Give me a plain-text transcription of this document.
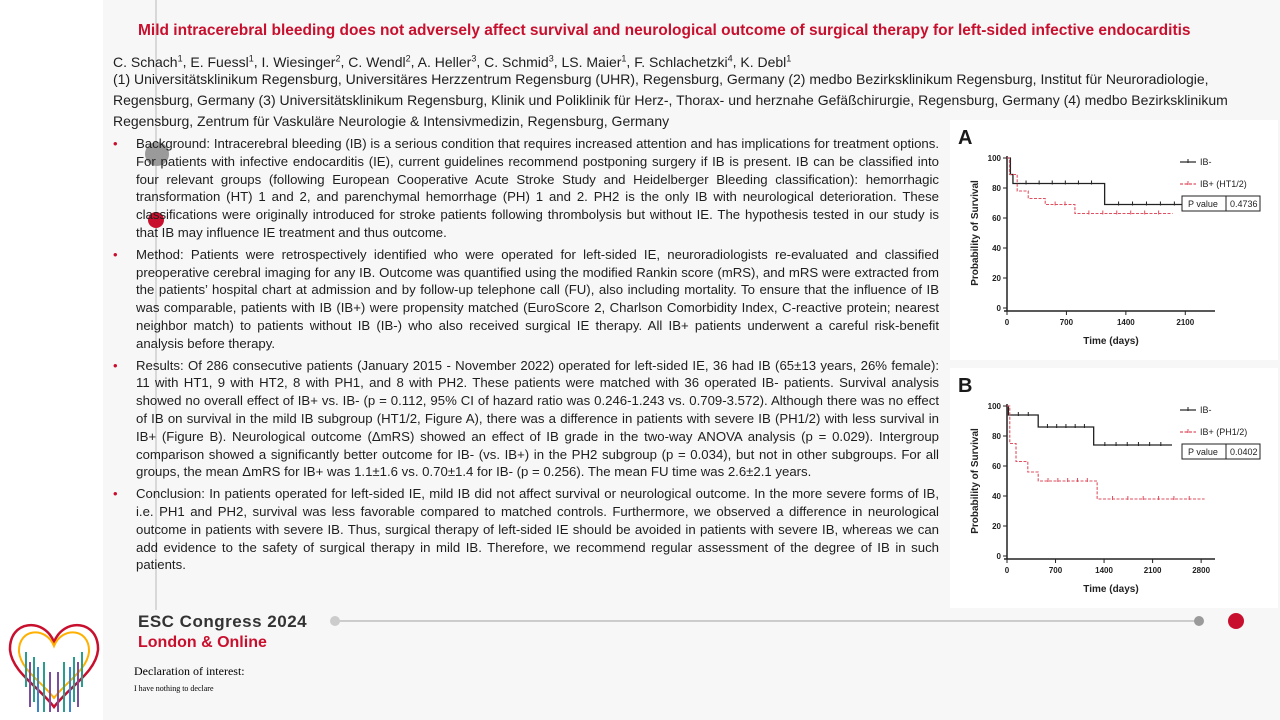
Mild intracerebral bleeding does not adversely affect survival and neurological outcome of surgical therapy for left-sided infective endocarditis
C. Schach$^1$, E. Fuessl$^1$, I. Wiesinger$^2$, C. Wendl$^2$, A. Heller$^3$, C. Schmid$^3$, LS. Maier$^1$, F. Schlachetzki$^4$, K. Debl$^1$
(1) Universitätsklinikum Regensburg, Universitäres Herzzentrum Regensburg (UHR), Regensburg, Germany (2) medbo Bezirksklinikum Regensburg, Institut für Neuroradiologie, Regensburg, Germany (3) Universitätsklinikum Regensburg, Klinik und Poliklinik für Herz-, Thorax- und herznahe Gefäßchirurgie, Regensburg, Germany (4) medbo Bezirksklinikum Regensburg, Zentrum für Vaskuläre Neurologie & Intensivmedizin, Regensburg, Germany
• Background: Intracerebral bleeding (IB) is a serious condition that requires increased attention and has implications for treatment options. For patients with infective endocarditis (IE), current guidelines recommend postponing surgery if IB is present. IB can be classified into four relevant groups (following European Cooperative Acute Stroke Study and Heidelberger Bleeding classification): hemorrhagic transformation (HT) 1 and 2, and parenchymal hemorrhage (PH) 1 and 2. PH2 is the only IB with neurological deterioration. These classifications were originally introduced for stroke patients following thrombolysis but without IE. The hypothesis tested in our study is that IB may influence IE treatment and thus outcome.
• Method: Patients were retrospectively identified who were operated for left-sided IE, neuroradiologists re-evaluated and classified preoperative cerebral imaging for any IB. Outcome was quantified using the modified Rankin score (mRS), and mRS were extracted from the patients’ hospital chart at admission and by follow-up telephone call (FU), also including mortality. To ensure that the influence of IB was comparable, patients with IB (IB+) were propensity matched (EuroScore 2, Charlson Comorbidity Index, C-reactive protein; nearest neighbor match) to patients without IB (IB-) who also received surgical IE therapy. All IB+ patients underwent a careful risk-benefit analysis before therapy.
• Results: Of 286 consecutive patients (January 2015 - November 2022) operated for left-sided IE, 36 had IB (65±13 years, 26% female): 11 with HT1, 9 with HT2, 8 with PH1, and 8 with PH2. These patients were matched with 36 operated IB- patients. Survival analysis showed no overall effect of IB+ vs. IB- (p = 0.112, 95% CI of hazard ratio was 0.246-1.243 vs. 0.709-3.572). Although there was no effect of IB on survival in the mild IB subgroup (HT1/2, Figure A), there was a difference in patients with severe IB (PH1/2) with less survival in IB+ (Figure B). Neurological outcome (ΔmRS) showed an effect of IB grade in the two-way ANOVA analysis (p = 0.029). Intergroup comparison showed a significantly better outcome for IB- (vs. IB+) in the PH2 subgroup (p = 0.034), but not in other subgroups. For all groups, the mean ΔmRS for IB+ was 1.1±1.6 vs. 0.70±1.4 for IB- (p = 0.256). The mean FU time was 2.6±2.1 years.
• Conclusion: In patients operated for left-sided IE, mild IB did not affect survival or neurological outcome. In the more severe forms of IB, i.e. PH1 and PH2, survival was less favorable compared to matched controls. Furthermore, we observed a difference in neurological outcome in patients with severe IB. Thus, surgical therapy of left-sided IE should be avoided in patients with severe IB, whereas we can add evidence to the safety of surgical therapy in mild IB. Therefore, we recommend regular assessment of the degree of IB in such patients.
A
0
20
40
60
80
100
0	700	1400	2100
Time (days)
Probability of Survival
IB-
IB+ (HT1/2)
P value 0.4736
B
0
20
40
60
80
100
0	700	1400	2100	2800
Time (days)
Probability of Survival
IB-
IB+ (PH1/2)
P value 0.0402
ESC Congress 2024
London & Online
Declaration of interest:
I have nothing to declare
